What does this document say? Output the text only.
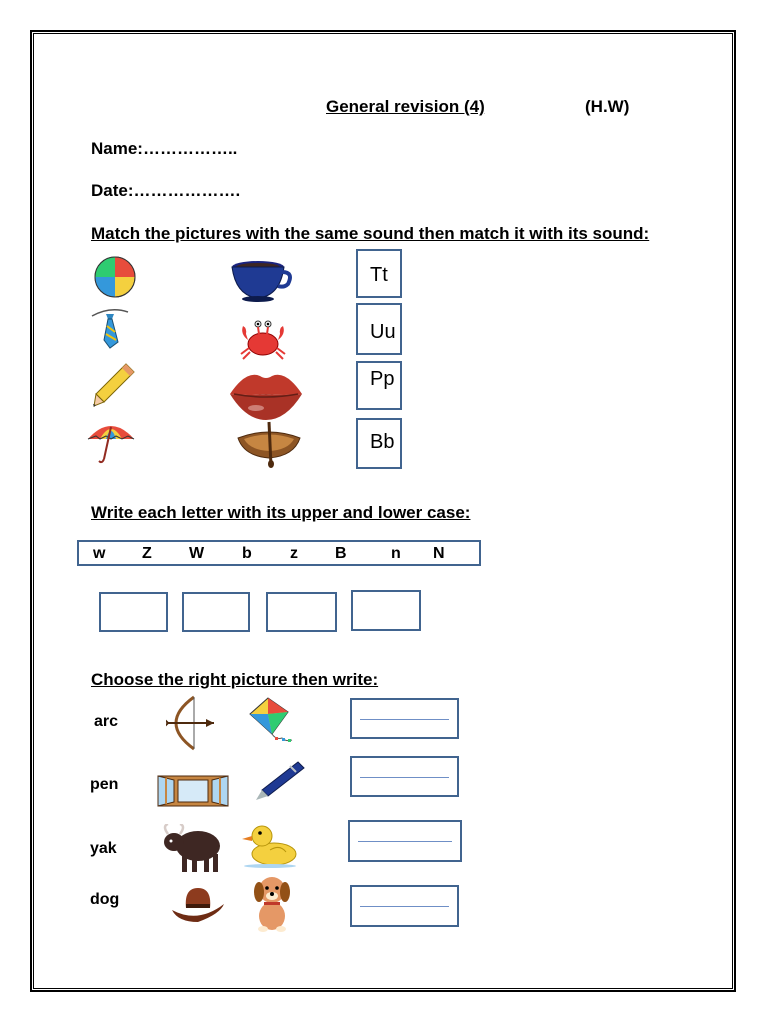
General revision (4)	(H.W)
Name:……………..
Date:……………….
Match the pictures with the same sound then match it with its sound:
Tt
Uu
Pp
Bb
Write each letter with its upper and lower case:
w Z W b z B	n N
Choose the right picture then write:
arc
pen
yak
dog
